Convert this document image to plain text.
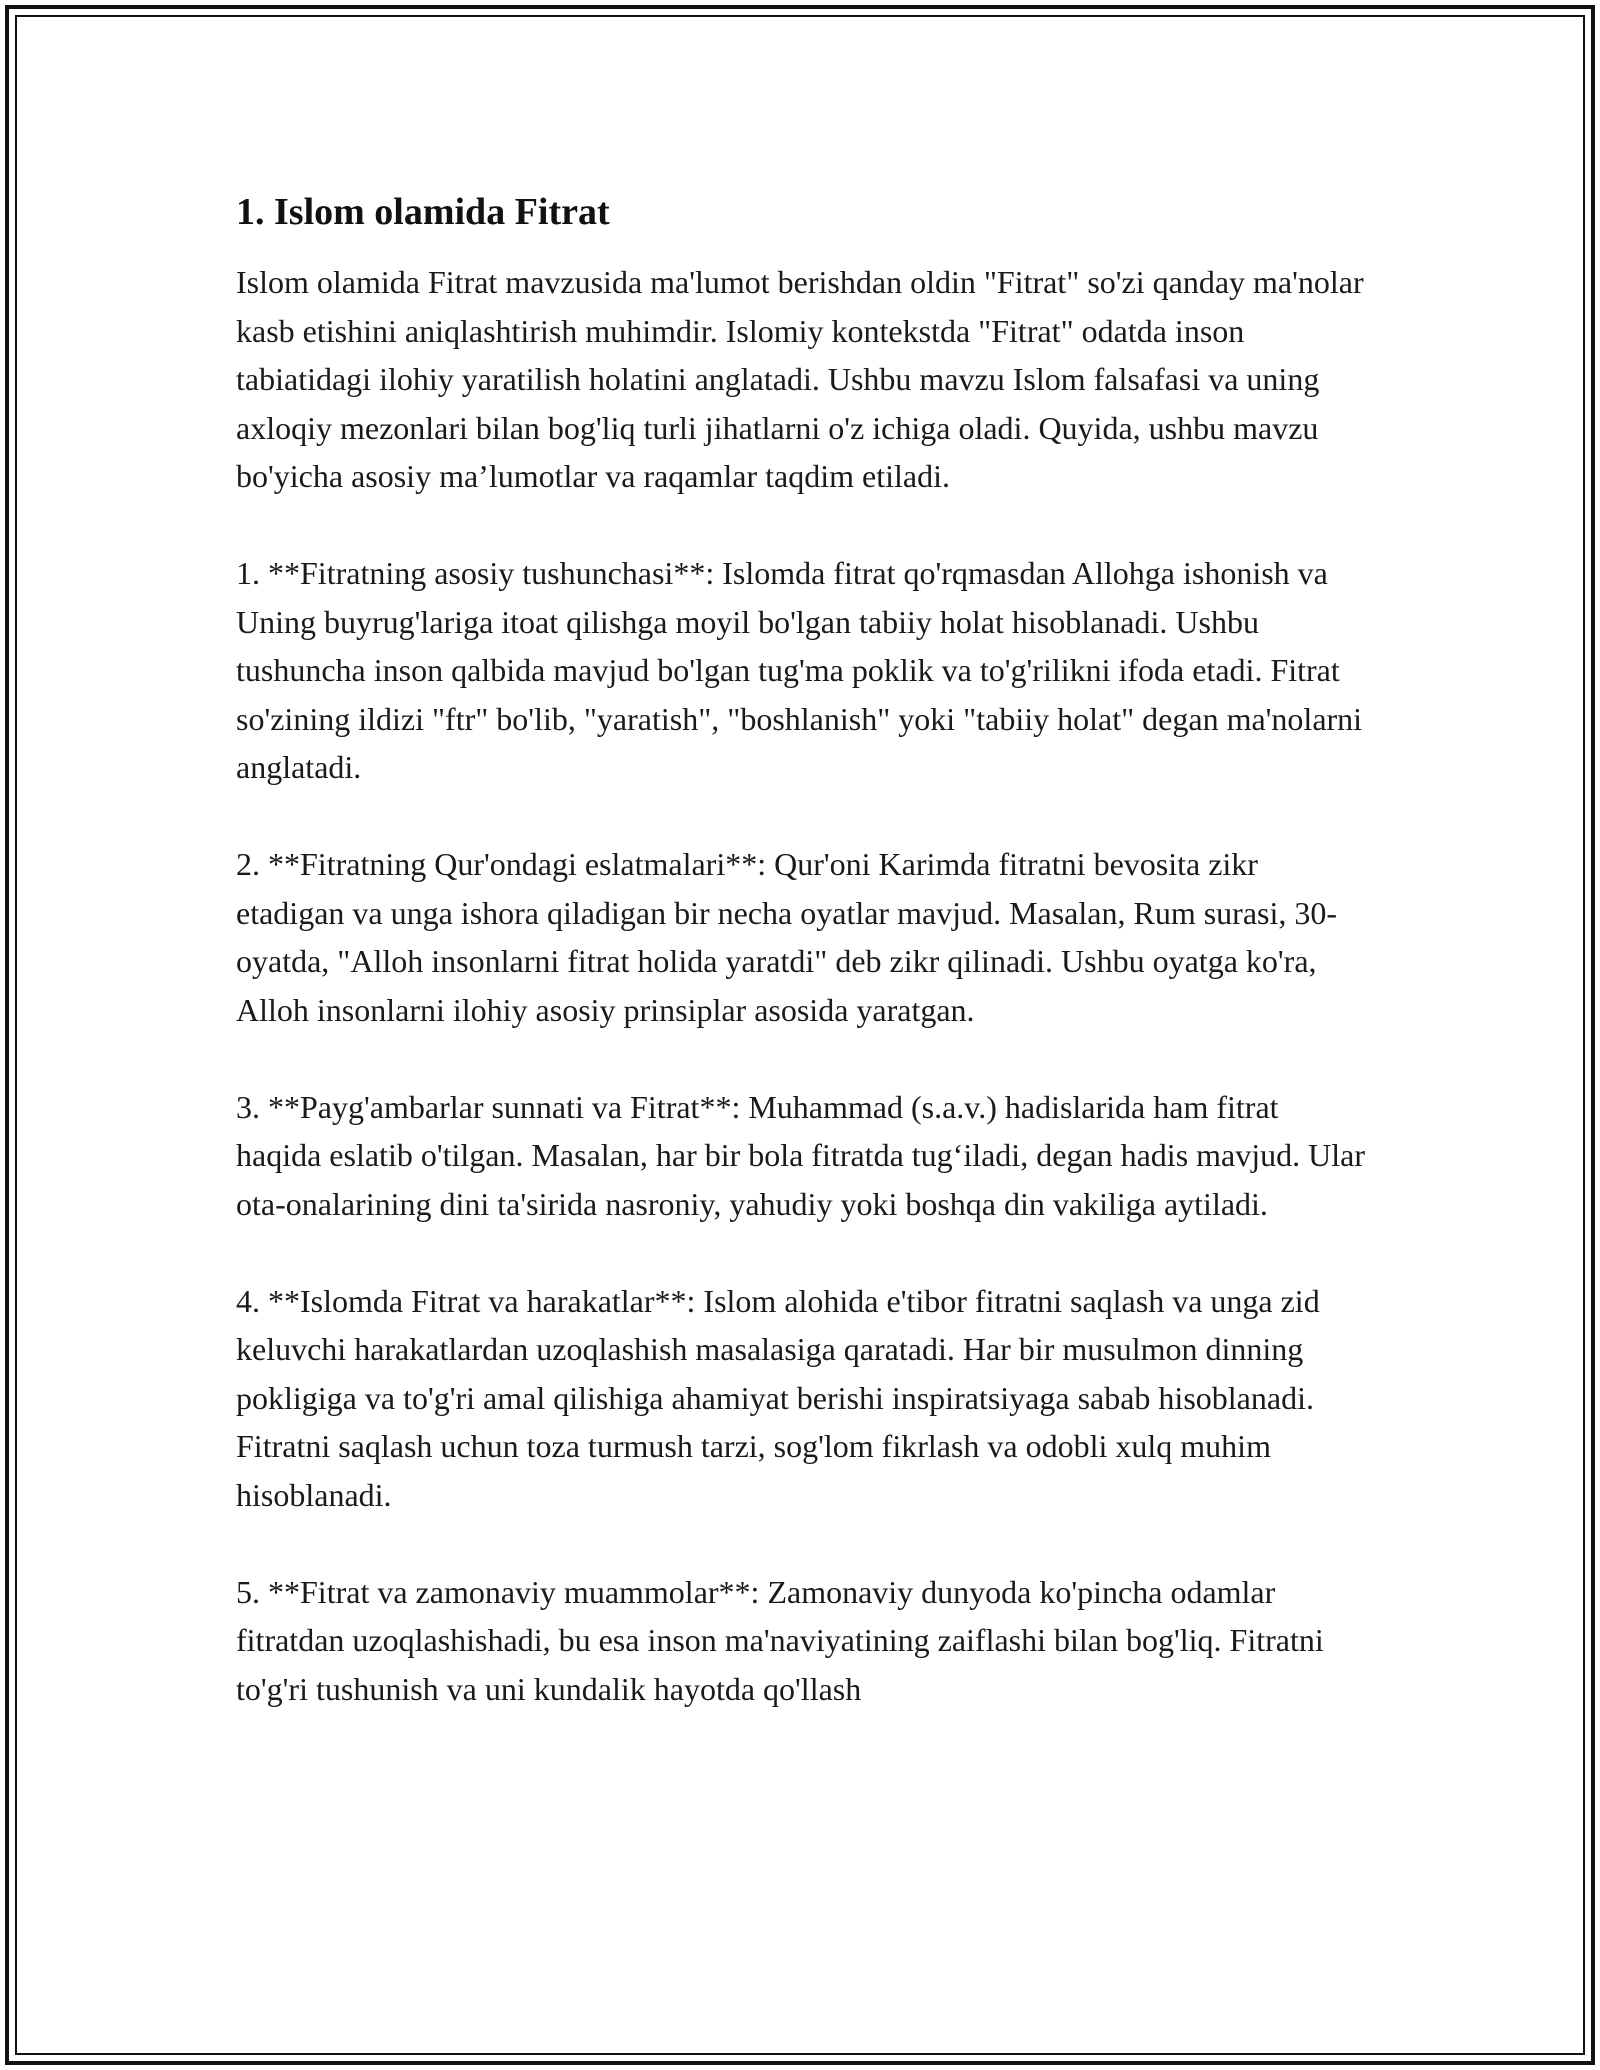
1. Islom olamida Fitrat

Islom olamida Fitrat mavzusida ma'lumot berishdan oldin "Fitrat" so'zi qanday ma'nolar kasb etishini aniqlashtirish muhimdir. Islomiy kontekstda "Fitrat" odatda inson tabiatidagi ilohiy yaratilish holatini anglatadi. Ushbu mavzu Islom falsafasi va uning axloqiy mezonlari bilan bog'liq turli jihatlarni o'z ichiga oladi. Quyida, ushbu mavzu bo'yicha asosiy ma’lumotlar va raqamlar taqdim etiladi.

1. **Fitratning asosiy tushunchasi**: Islomda fitrat qo'rqmasdan Allohga ishonish va Uning buyrug'lariga itoat qilishga moyil bo'lgan tabiiy holat hisoblanadi. Ushbu tushuncha inson qalbida mavjud bo'lgan tug'ma poklik va to'g'rilikni ifoda etadi. Fitrat so'zining ildizi "ftr" bo'lib, "yaratish", "boshlanish" yoki "tabiiy holat" degan ma'nolarni anglatadi.

2. **Fitratning Qur'ondagi eslatmalari**: Qur'oni Karimda fitratni bevosita zikr etadigan va unga ishora qiladigan bir necha oyatlar mavjud. Masalan, Rum surasi, 30-oyatda, "Alloh insonlarni fitrat holida yaratdi" deb zikr qilinadi. Ushbu oyatga ko'ra, Alloh insonlarni ilohiy asosiy prinsiplar asosida yaratgan.

3. **Payg'ambarlar sunnati va Fitrat**: Muhammad (s.a.v.) hadislarida ham fitrat haqida eslatib o'tilgan. Masalan, har bir bola fitratda tug‘iladi, degan hadis mavjud. Ular ota-onalarining dini ta'sirida nasroniy, yahudiy yoki boshqa din vakiliga aytiladi.

4. **Islomda Fitrat va harakatlar**: Islom alohida e'tibor fitratni saqlash va unga zid keluvchi harakatlardan uzoqlashish masalasiga qaratadi. Har bir musulmon dinning pokligiga va to'g'ri amal qilishiga ahamiyat berishi inspiratsiyaga sabab hisoblanadi. Fitratni saqlash uchun toza turmush tarzi, sog'lom fikrlash va odobli xulq muhim hisoblanadi.

5. **Fitrat va zamonaviy muammolar**: Zamonaviy dunyoda ko'pincha odamlar fitratdan uzoqlashishadi, bu esa inson ma'naviyatining zaiflashi bilan bog'liq. Fitratni to'g'ri tushunish va uni kundalik hayotda qo'llash
